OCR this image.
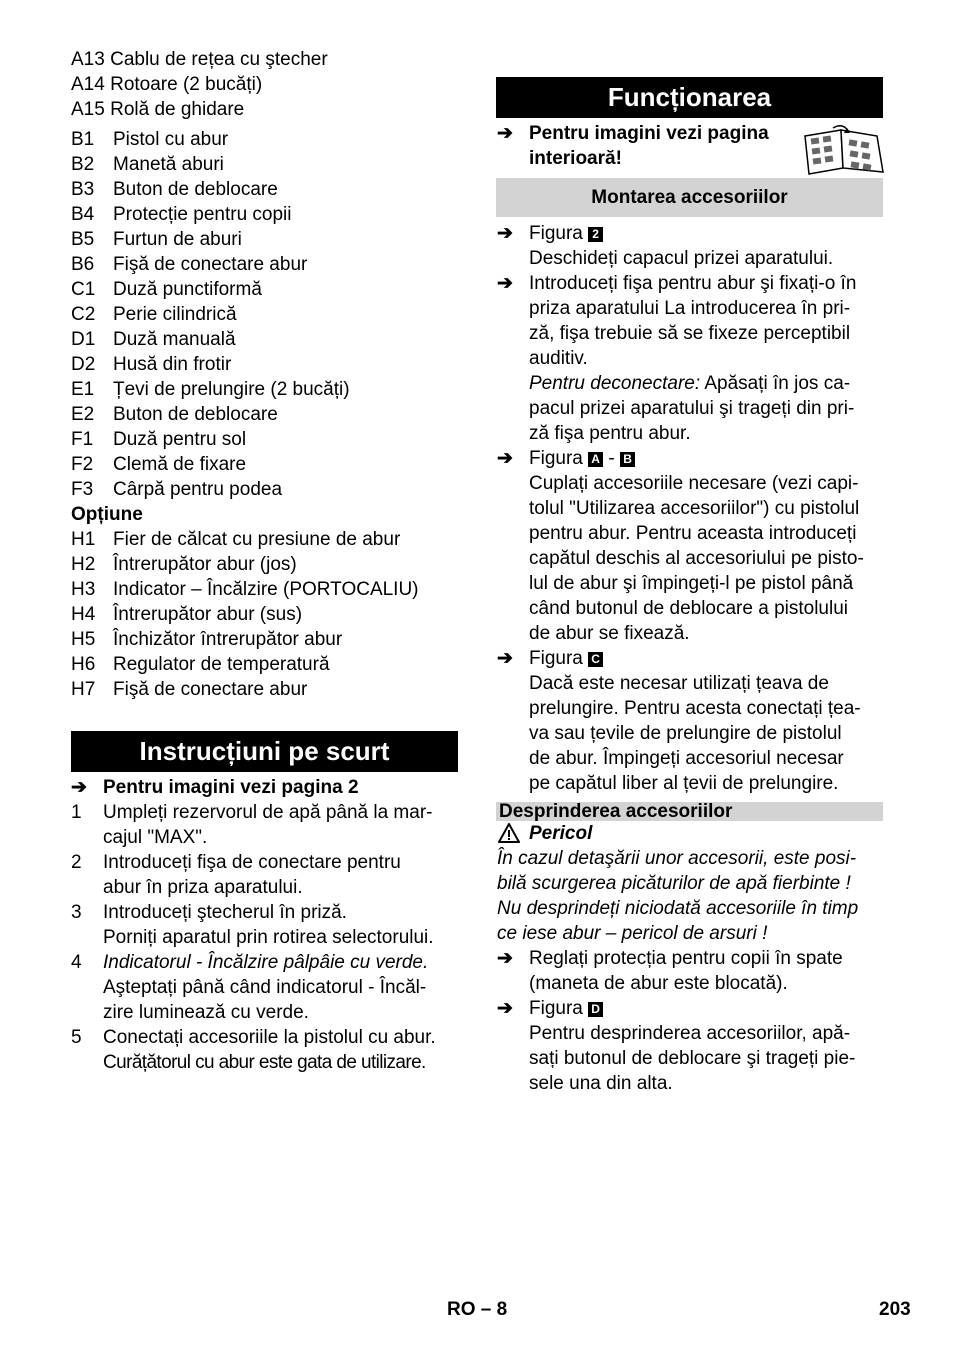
A13 Cablu de rețea cu ştecher
A14 Rotoare (2 bucăți)
A15 Rolă de ghidare
B1 Pistol cu abur
B2 Manetă aburi
B3 Buton de deblocare
B4 Protecție pentru copii
B5 Furtun de aburi
B6 Fişă de conectare abur
C1 Duză punctiformă
C2 Perie cilindrică
D1 Duză manuală
D2 Husă din frotir
E1 Țevi de prelungire (2 bucăți)
E2 Buton de deblocare
F1 Duză pentru sol
F2 Clemă de fixare
F3 Cârpă pentru podea
Opțiune
H1 Fier de călcat cu presiune de abur
H2 Întrerupător abur (jos)
H3 Indicator – Încălzire (PORTOCALIU)
H4 Întrerupător abur (sus)
H5 Închizător întrerupător abur
H6 Regulator de temperatură
H7 Fişă de conectare abur
Instrucțiuni pe scurt
➔ Pentru imagini vezi pagina 2
1 Umpleți rezervorul de apă până la mar-
cajul "MAX".
2 Introduceți fişa de conectare pentru
abur în priza aparatului.
3 Introduceți ştecherul în priză.
Porniți aparatul prin rotirea selectorului.
4 Indicatorul - Încălzire pâlpâie cu verde.
Aşteptați până când indicatorul - Încăl-
zire luminează cu verde.
5 Conectați accesoriile la pistolul cu abur.
Curățătorul cu abur este gata de utilizare.
Funcționarea
➔ Pentru imagini vezi pagina
interioară!
Montarea accesoriilor
➔ Figura 2
Deschideți capacul prizei aparatului.
➔ Introduceți fişa pentru abur şi fixați-o în
priza aparatului La introducerea în pri-
ză, fişa trebuie să se fixeze perceptibil
auditiv.
Pentru deconectare: Apăsați în jos ca-
pacul prizei aparatului şi trageți din pri-
ză fişa pentru abur.
➔ Figura A - B
Cuplați accesoriile necesare (vezi capi-
tolul "Utilizarea accesoriilor") cu pistolul
pentru abur. Pentru aceasta introduceți
capătul deschis al accesoriului pe pisto-
lul de abur şi împingeți-l pe pistol până
când butonul de deblocare a pistolului
de abur se fixează.
➔ Figura C
Dacă este necesar utilizați țeava de
prelungire. Pentru acesta conectați țea-
va sau țevile de prelungire de pistolul
de abur. Împingeți accesoriul necesar
pe capătul liber al țevii de prelungire.
Desprinderea accesoriilor
Pericol
În cazul detaşării unor accesorii, este posi-
bilă scurgerea picăturilor de apă fierbinte !
Nu desprindeți niciodată accesoriile în timp
ce iese abur – pericol de arsuri !
➔ Reglați protecția pentru copii în spate
(maneta de abur este blocată).
➔ Figura D
Pentru desprinderea accesoriilor, apă-
sați butonul de deblocare şi trageți pie-
sele una din alta.
RO – 8	203
